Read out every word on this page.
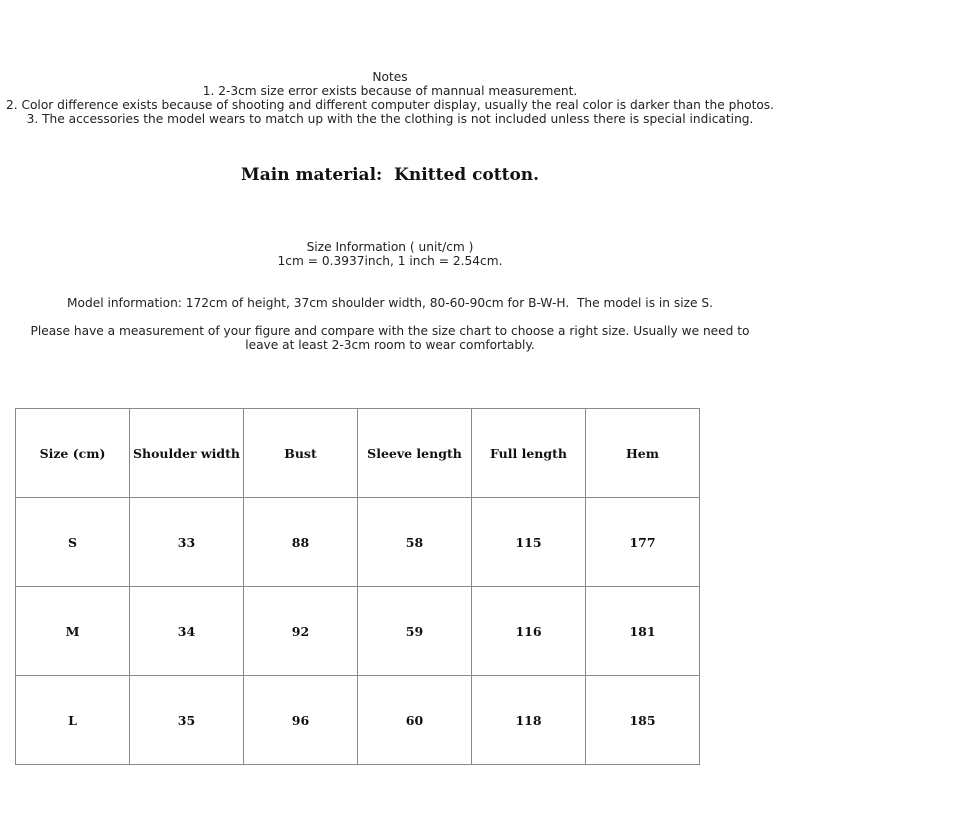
Notes
1. 2-3cm size error exists because of mannual measurement.
2. Color difference exists because of shooting and different computer display, usually the real color is darker than the photos.
3. The accessories the model wears to match up with the the clothing is not included unless there is special indicating.
Main material:  Knitted cotton.
Size Information ( unit/cm )
1cm = 0.3937inch, 1 inch = 2.54cm.
Model information: 172cm of height, 37cm shoulder width, 80-60-90cm for B-W-H.  The model is in size S.
Please have a measurement of your figure and compare with the size chart to choose a right size. Usually we need to leave at least 2-3cm room to wear comfortably.
Size (cm)	Shoulder width	Bust	Sleeve length	Full length	Hem
S	33	88	58	115	177
M	34	92	59	116	181
L	35	96	60	118	185
